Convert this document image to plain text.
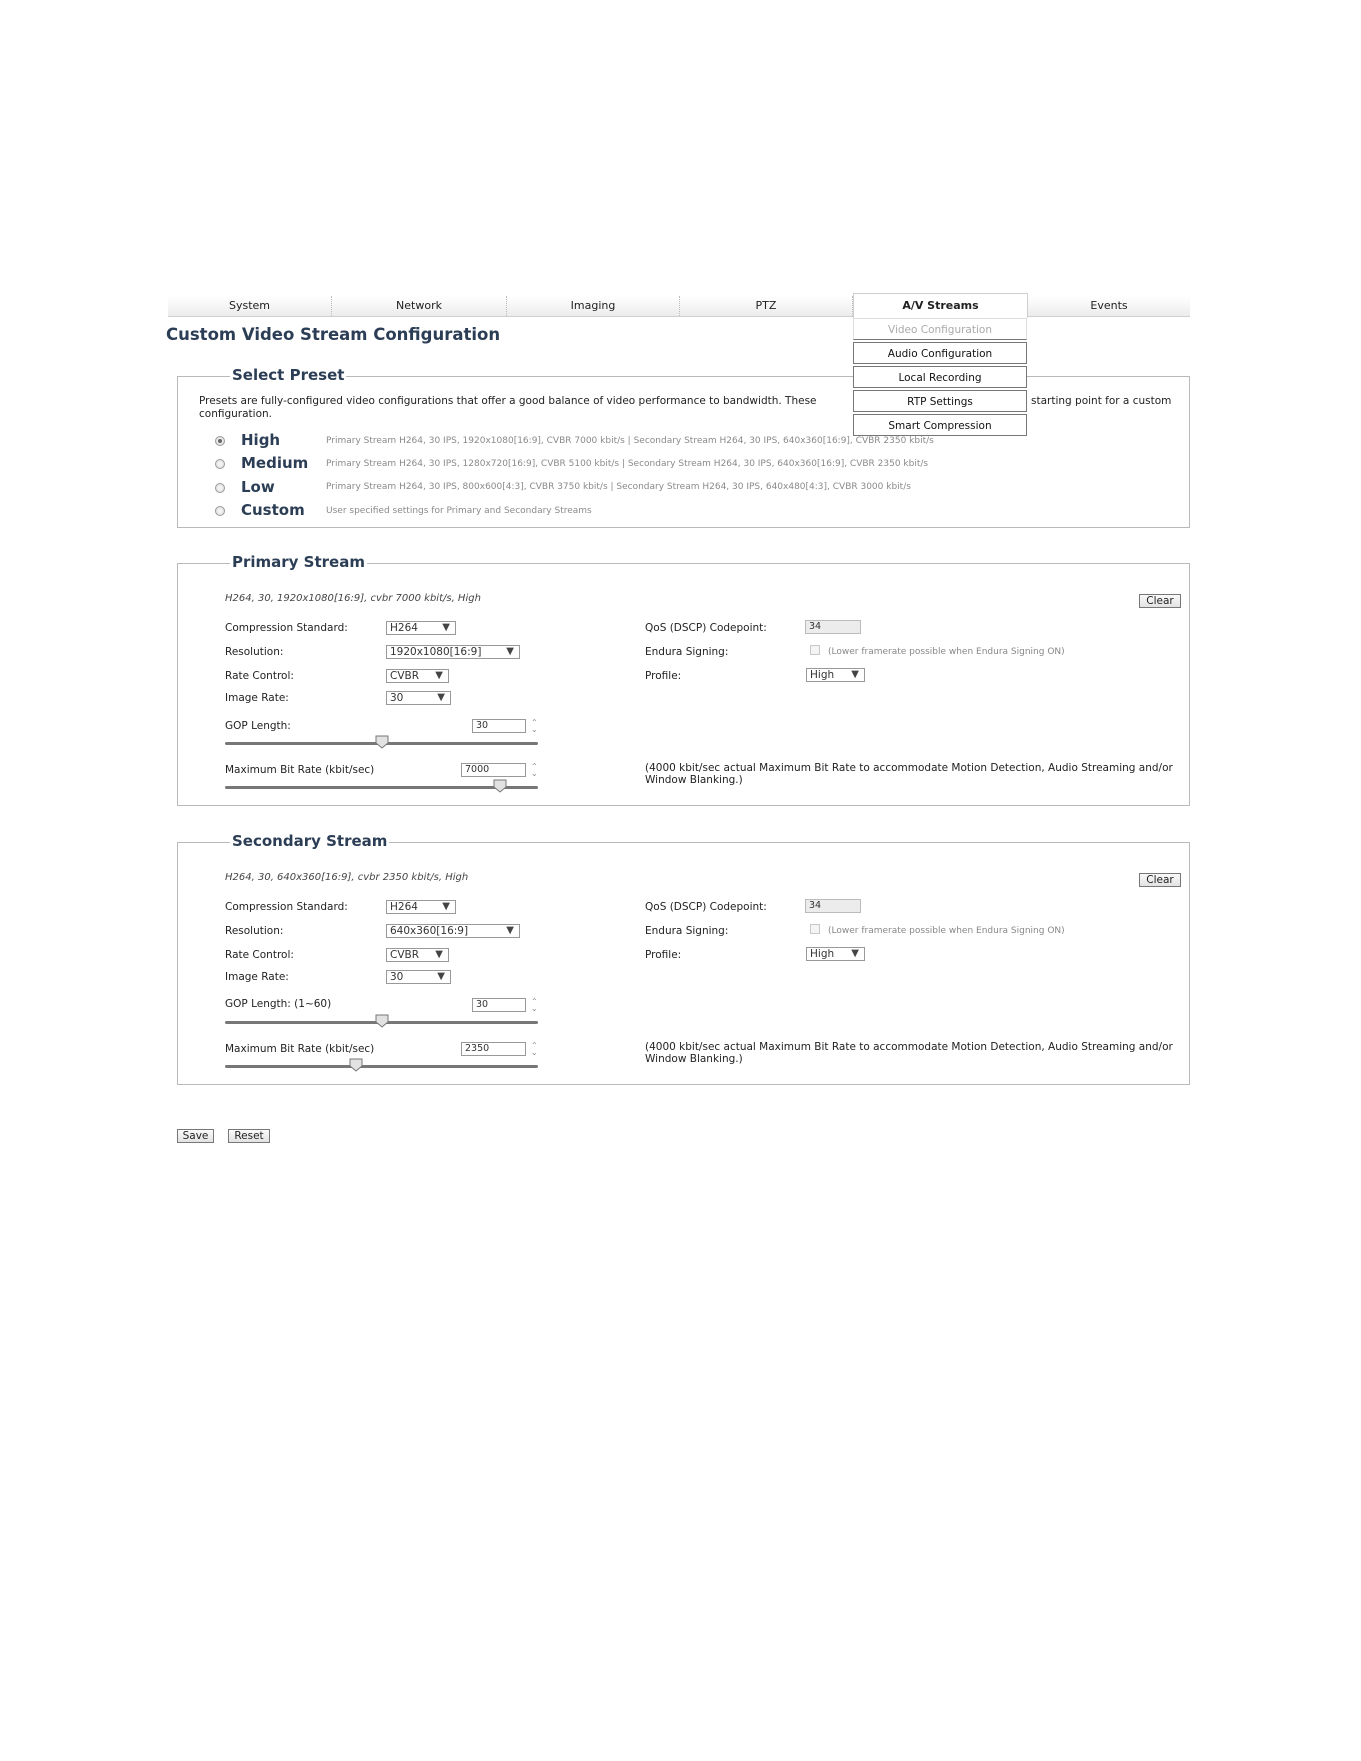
System	Network	Imaging	PTZ	A/V Streams	Events
Custom Video Stream Configuration
Select Preset
Presets are fully-configured video configurations that offer a good balance of video performance to bandwidth. These	starting point for a custom
configuration.
High	Primary Stream H264, 30 IPS, 1920x1080[16:9], CVBR 7000 kbit/s | Secondary Stream H264, 30 IPS, 640x360[16:9], CVBR 2350 kbit/s
Medium Primary Stream H264, 30 IPS, 1280x720[16:9], CVBR 5100 kbit/s | Secondary Stream H264, 30 IPS, 640x360[16:9], CVBR 2350 kbit/s
Low	Primary Stream H264, 30 IPS, 800x600[4:3], CVBR 3750 kbit/s | Secondary Stream H264, 30 IPS, 640x480[4:3], CVBR 3000 kbit/s
Custom User specified settings for Primary and Secondary Streams
Video Configuration
Audio Configuration
Local Recording
RTP Settings
Smart Compression
Primary Stream
H264, 30, 1920x1080[16:9], cvbr 7000 kbit/s, High	Clear
Compression Standard:	H264 ▼
Resolution:	1920x1080[16:9] ▼
Rate Control:	CVBR ▼
Image Rate:	30	▼
GOP Length:	30	⌃
⌄
Maximum Bit Rate (kbit/sec)	7000	⌃
⌄
QoS (DSCP) Codepoint:	34
Endura Signing:	(Lower framerate possible when Endura Signing ON)
Profile:	High ▼
(4000 kbit/sec actual Maximum Bit Rate to accommodate Motion Detection, Audio Streaming and/or Window Blanking.)
Secondary Stream
H264, 30, 640x360[16:9], cvbr 2350 kbit/s, High	Clear
Compression Standard:	H264 ▼
Resolution:	640x360[16:9]	▼
Rate Control:	CVBR ▼
Image Rate:	30	▼
GOP Length: (1~60)	30	⌃
⌄
Maximum Bit Rate (kbit/sec)	2350	⌃
⌄
QoS (DSCP) Codepoint:	34
Endura Signing:	(Lower framerate possible when Endura Signing ON)
Profile:	High ▼
(4000 kbit/sec actual Maximum Bit Rate to accommodate Motion Detection, Audio Streaming and/or Window Blanking.)
Save	Reset
